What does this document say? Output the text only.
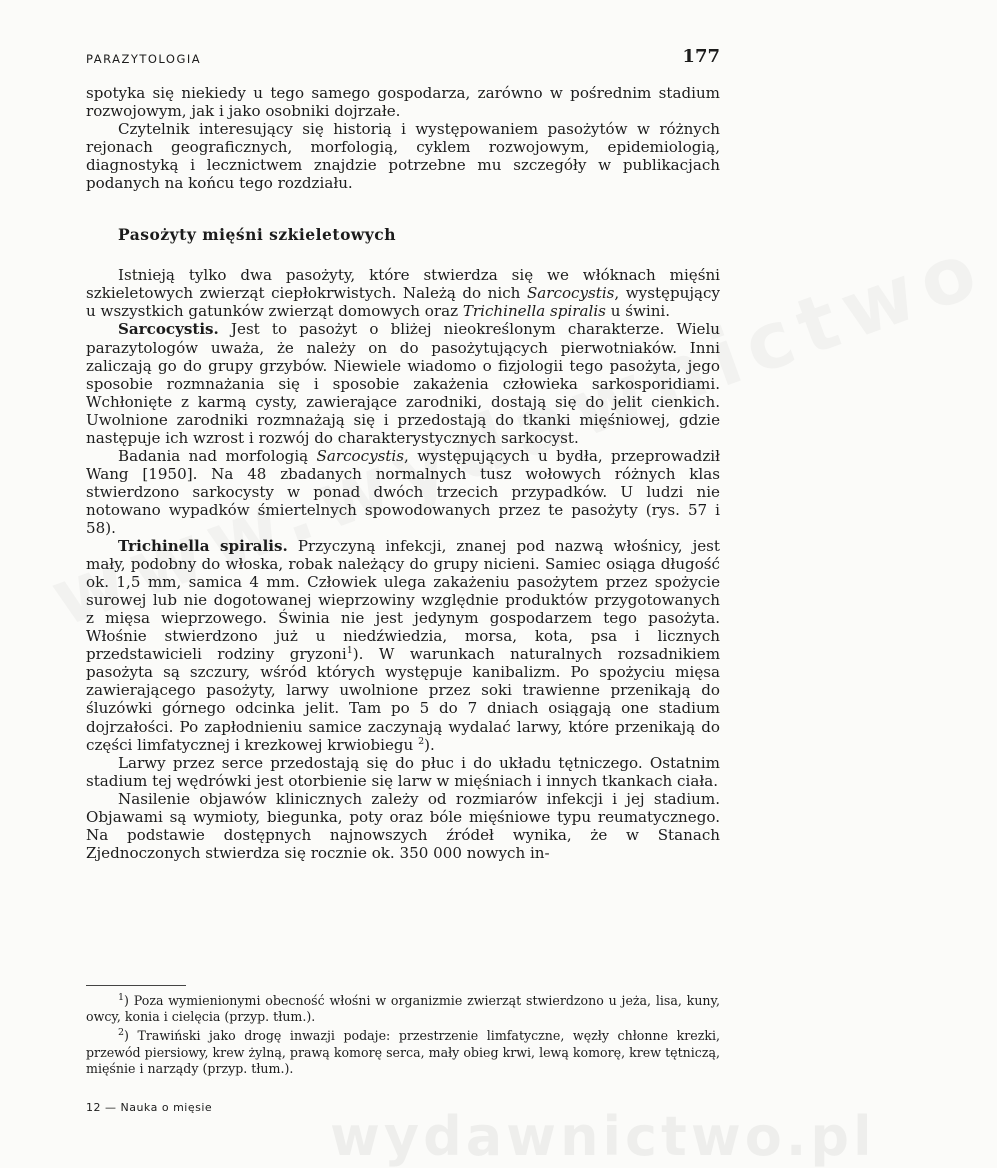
wydawnictwo.pl
PARAZYTOLOGIA	177

spotyka się niekiedy u tego samego gospodarza, zarówno w pośrednim stadium rozwojowym, jak i jako osobniki dojrzałe.

Czytelnik interesujący się historią i występowaniem pasożytów w różnych rejonach geograficznych, morfologią, cyklem rozwojowym, epidemiologią, diagnostyką i lecznictwem znajdzie potrzebne mu szczegóły w publikacjach podanych na końcu tego rozdziału.

Pasożyty mięśni szkieletowych

Istnieją tylko dwa pasożyty, które stwierdza się we włóknach mięśni szkieletowych zwierząt ciepłokrwistych. Należą do nich Sarcocystis, występujący u wszystkich gatunków zwierząt domowych oraz Trichinella spiralis u świni.

Sarcocystis. Jest to pasożyt o bliżej nieokreślonym charakterze. Wielu parazytologów uważa, że należy on do pasożytujących pierwotniaków. Inni zaliczają go do grupy grzybów. Niewiele wiadomo o fizjologii tego pasożyta, jego sposobie rozmnażania się i sposobie zakażenia człowieka sarkosporidiami. Wchłonięte z karmą cysty, zawierające zarodniki, dostają się do jelit cienkich. Uwolnione zarodniki rozmnażają się i przedostają do tkanki mięśniowej, gdzie następuje ich wzrost i rozwój do charakterystycznych sarkocyst.

Badania nad morfologią Sarcocystis, występujących u bydła, przeprowadził Wang [1950]. Na 48 zbadanych normalnych tusz wołowych różnych klas stwierdzono sarkocysty w ponad dwóch trzecich przypadków. U ludzi nie notowano wypadków śmiertelnych spowodowanych przez te pasożyty (rys. 57 i 58).

Trichinella spiralis. Przyczyną infekcji, znanej pod nazwą włośnicy, jest mały, podobny do włoska, robak należący do grupy nicieni. Samiec osiąga długość ok. 1,5 mm, samica 4 mm. Człowiek ulega zakażeniu pasożytem przez spożycie surowej lub nie dogotowanej wieprzowiny względnie produktów przygotowanych z mięsa wieprzowego. Świnia nie jest jedynym gospodarzem tego pasożyta. Włośnie stwierdzono już u niedźwiedzia, morsa, kota, psa i licznych przedstawicieli rodziny gryzoni$^1$). W warunkach naturalnych rozsadnikiem pasożyta są szczury, wśród których występuje kanibalizm. Po spożyciu mięsa zawierającego pasożyty, larwy uwolnione przez soki trawienne przenikają do śluzówki górnego odcinka jelit. Tam po 5 do 7 dniach osiągają one stadium dojrzałości. Po zapłodnieniu samice zaczynają wydalać larwy, które przenikają do części limfatycznej i krezkowej krwiobiegu $^2$).

Larwy przez serce przedostają się do płuc i do układu tętniczego. Ostatnim stadium tej wędrówki jest otorbienie się larw w mięśniach i innych tkankach ciała.

Nasilenie objawów klinicznych zależy od rozmiarów infekcji i jej stadium. Objawami są wymioty, biegunka, poty oraz bóle mięśniowe typu reumatycznego. Na podstawie dostępnych najnowszych źródeł wynika, że w Stanach Zjednoczonych stwierdza się rocznie ok. 350 000 nowych in-

$^1$) Poza wymienionymi obecność włośni w organizmie zwierząt stwierdzono u jeża, lisa, kuny, owcy, konia i cielęcia (przyp. tłum.).

$^2$) Trawiński jako drogę inwazji podaje: przestrzenie limfatyczne, węzły chłonne krezki, przewód piersiowy, krew żylną, prawą komorę serca, mały obieg krwi, lewą komorę, krew tętniczą, mięśnie i narządy (przyp. tłum.).

12 — Nauka o mięsie
